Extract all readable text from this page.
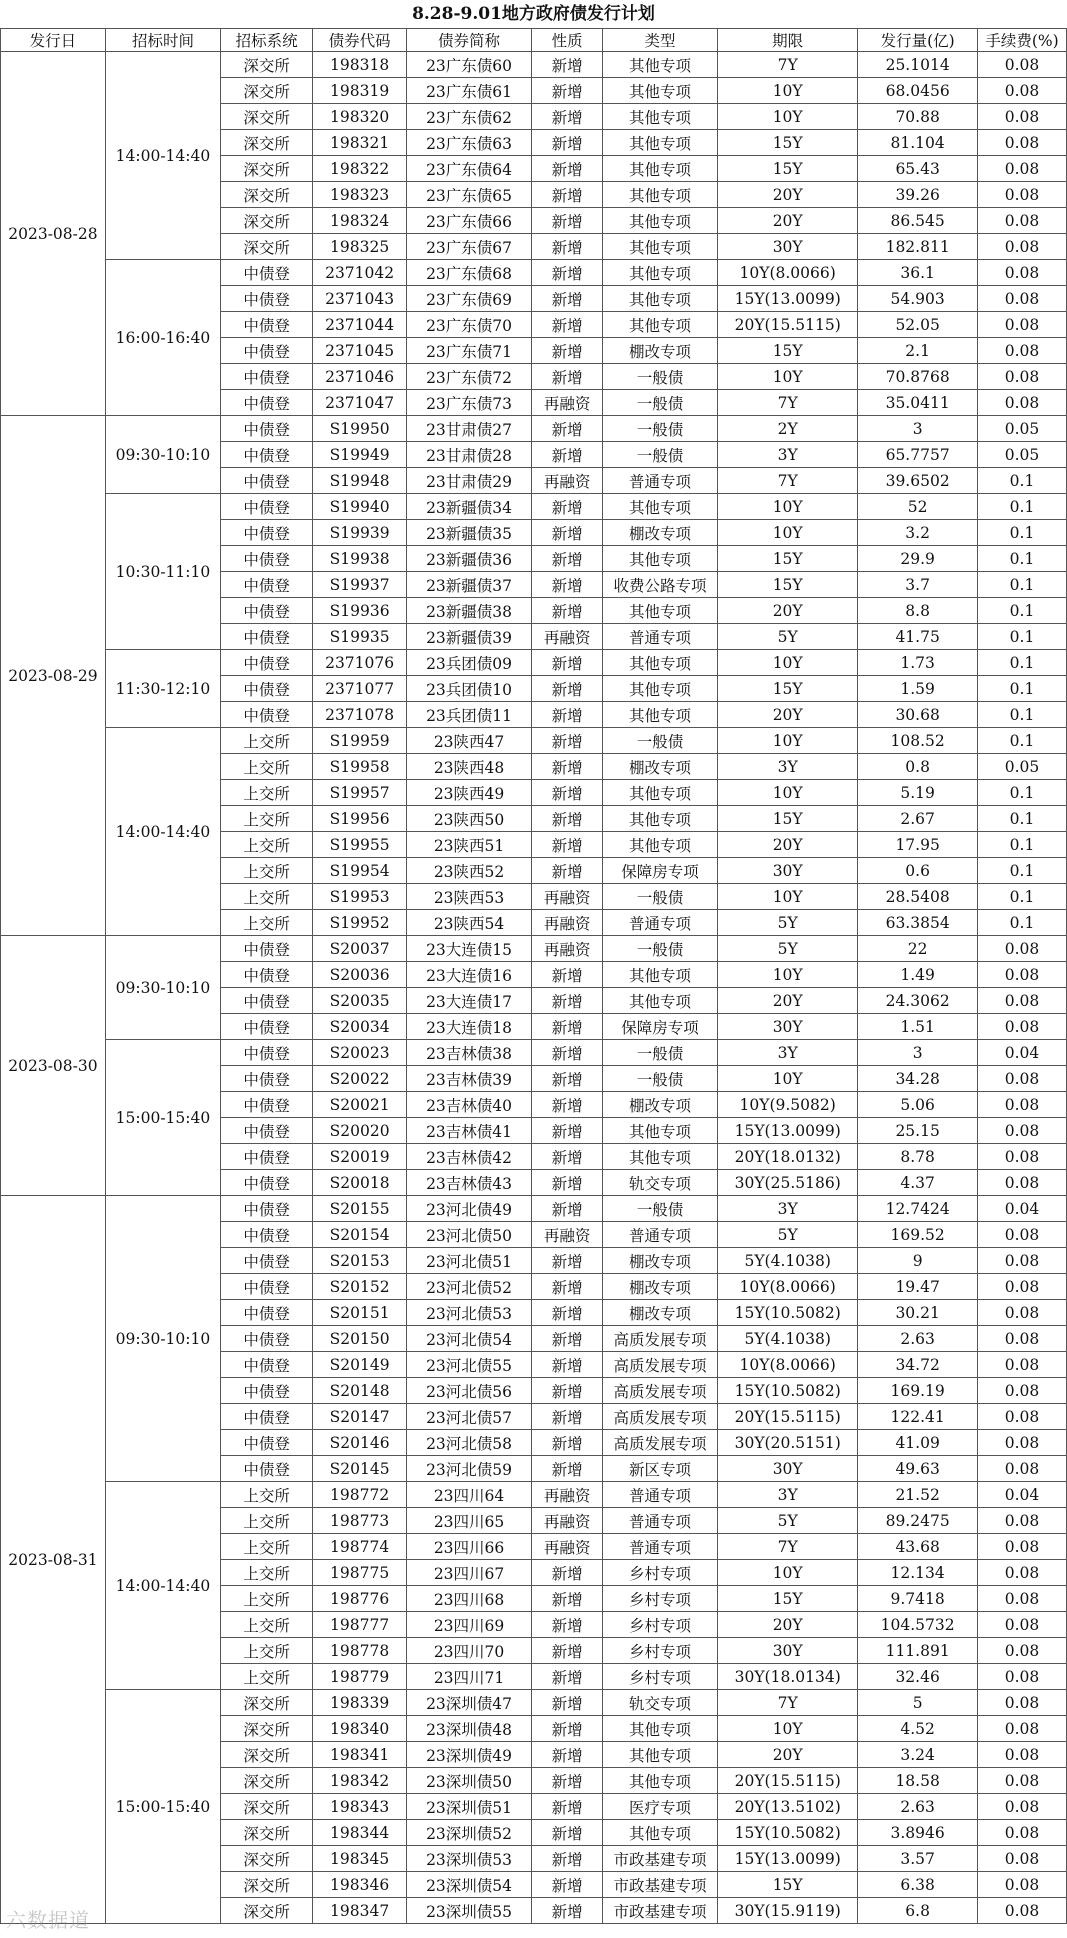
8.28-9.01地方政府债发行计划
发行日	招标时间	招标系统	债券代码	债券简称	性质	类型	期限	发行量(亿)	手续费(%)
2023-08-28	14:00-14:40	深交所	198318	23广东债60	新增	其他专项	7Y	25.1014	0.08
		深交所	198319	23广东债61	新增	其他专项	10Y	68.0456	0.08
		深交所	198320	23广东债62	新增	其他专项	10Y	70.88	0.08
		深交所	198321	23广东债63	新增	其他专项	15Y	81.104	0.08
		深交所	198322	23广东债64	新增	其他专项	15Y	65.43	0.08
		深交所	198323	23广东债65	新增	其他专项	20Y	39.26	0.08
		深交所	198324	23广东债66	新增	其他专项	20Y	86.545	0.08
		深交所	198325	23广东债67	新增	其他专项	30Y	182.811	0.08
	16:00-16:40	中债登	2371042	23广东债68	新增	其他专项	10Y(8.0066)	36.1	0.08
		中债登	2371043	23广东债69	新增	其他专项	15Y(13.0099)	54.903	0.08
		中债登	2371044	23广东债70	新增	其他专项	20Y(15.5115)	52.05	0.08
		中债登	2371045	23广东债71	新增	棚改专项	15Y	2.1	0.08
		中债登	2371046	23广东债72	新增	一般债	10Y	70.8768	0.08
		中债登	2371047	23广东债73	再融资	一般债	7Y	35.0411	0.08
2023-08-29	09:30-10:10	中债登	S19950	23甘肃债27	新增	一般债	2Y	3	0.05
		中债登	S19949	23甘肃债28	新增	一般债	3Y	65.7757	0.05
		中债登	S19948	23甘肃债29	再融资	普通专项	7Y	39.6502	0.1
	10:30-11:10	中债登	S19940	23新疆债34	新增	其他专项	10Y	52	0.1
		中债登	S19939	23新疆债35	新增	棚改专项	10Y	3.2	0.1
		中债登	S19938	23新疆债36	新增	其他专项	15Y	29.9	0.1
		中债登	S19937	23新疆债37	新增	收费公路专项	15Y	3.7	0.1
		中债登	S19936	23新疆债38	新增	其他专项	20Y	8.8	0.1
		中债登	S19935	23新疆债39	再融资	普通专项	5Y	41.75	0.1
	11:30-12:10	中债登	2371076	23兵团债09	新增	其他专项	10Y	1.73	0.1
		中债登	2371077	23兵团债10	新增	其他专项	15Y	1.59	0.1
		中债登	2371078	23兵团债11	新增	其他专项	20Y	30.68	0.1
	14:00-14:40	上交所	S19959	23陕西47	新增	一般债	10Y	108.52	0.1
		上交所	S19958	23陕西48	新增	棚改专项	3Y	0.8	0.05
		上交所	S19957	23陕西49	新增	其他专项	10Y	5.19	0.1
		上交所	S19956	23陕西50	新增	其他专项	15Y	2.67	0.1
		上交所	S19955	23陕西51	新增	其他专项	20Y	17.95	0.1
		上交所	S19954	23陕西52	新增	保障房专项	30Y	0.6	0.1
		上交所	S19953	23陕西53	再融资	一般债	10Y	28.5408	0.1
		上交所	S19952	23陕西54	再融资	普通专项	5Y	63.3854	0.1
2023-08-30	09:30-10:10	中债登	S20037	23大连债15	再融资	一般债	5Y	22	0.08
		中债登	S20036	23大连债16	新增	其他专项	10Y	1.49	0.08
		中债登	S20035	23大连债17	新增	其他专项	20Y	24.3062	0.08
		中债登	S20034	23大连债18	新增	保障房专项	30Y	1.51	0.08
	15:00-15:40	中债登	S20023	23吉林债38	新增	一般债	3Y	3	0.04
		中债登	S20022	23吉林债39	新增	一般债	10Y	34.28	0.08
		中债登	S20021	23吉林债40	新增	棚改专项	10Y(9.5082)	5.06	0.08
		中债登	S20020	23吉林债41	新增	其他专项	15Y(13.0099)	25.15	0.08
		中债登	S20019	23吉林债42	新增	其他专项	20Y(18.0132)	8.78	0.08
		中债登	S20018	23吉林债43	新增	轨交专项	30Y(25.5186)	4.37	0.08
2023-08-31	09:30-10:10	中债登	S20155	23河北债49	新增	一般债	3Y	12.7424	0.04
		中债登	S20154	23河北债50	再融资	普通专项	5Y	169.52	0.08
		中债登	S20153	23河北债51	新增	棚改专项	5Y(4.1038)	9	0.08
		中债登	S20152	23河北债52	新增	棚改专项	10Y(8.0066)	19.47	0.08
		中债登	S20151	23河北债53	新增	棚改专项	15Y(10.5082)	30.21	0.08
		中债登	S20150	23河北债54	新增	高质发展专项	5Y(4.1038)	2.63	0.08
		中债登	S20149	23河北债55	新增	高质发展专项	10Y(8.0066)	34.72	0.08
		中债登	S20148	23河北债56	新增	高质发展专项	15Y(10.5082)	169.19	0.08
		中债登	S20147	23河北债57	新增	高质发展专项	20Y(15.5115)	122.41	0.08
		中债登	S20146	23河北债58	新增	高质发展专项	30Y(20.5151)	41.09	0.08
		中债登	S20145	23河北债59	新增	新区专项	30Y	49.63	0.08
	14:00-14:40	上交所	198772	23四川64	再融资	普通专项	3Y	21.52	0.04
		上交所	198773	23四川65	再融资	普通专项	5Y	89.2475	0.08
		上交所	198774	23四川66	再融资	普通专项	7Y	43.68	0.08
		上交所	198775	23四川67	新增	乡村专项	10Y	12.134	0.08
		上交所	198776	23四川68	新增	乡村专项	15Y	9.7418	0.08
		上交所	198777	23四川69	新增	乡村专项	20Y	104.5732	0.08
		上交所	198778	23四川70	新增	乡村专项	30Y	111.891	0.08
		上交所	198779	23四川71	新增	乡村专项	30Y(18.0134)	32.46	0.08
	15:00-15:40	深交所	198339	23深圳债47	新增	轨交专项	7Y	5	0.08
		深交所	198340	23深圳债48	新增	其他专项	10Y	4.52	0.08
		深交所	198341	23深圳债49	新增	其他专项	20Y	3.24	0.08
		深交所	198342	23深圳债50	新增	其他专项	20Y(15.5115)	18.58	0.08
		深交所	198343	23深圳债51	新增	医疗专项	20Y(13.5102)	2.63	0.08
		深交所	198344	23深圳债52	新增	其他专项	15Y(10.5082)	3.8946	0.08
		深交所	198345	23深圳债53	新增	市政基建专项	15Y(13.0099)	3.57	0.08
		深交所	198346	23深圳债54	新增	市政基建专项	15Y	6.38	0.08
		深交所	198347	23深圳债55	新增	市政基建专项	30Y(15.9119)	6.8	0.08
六数据道
